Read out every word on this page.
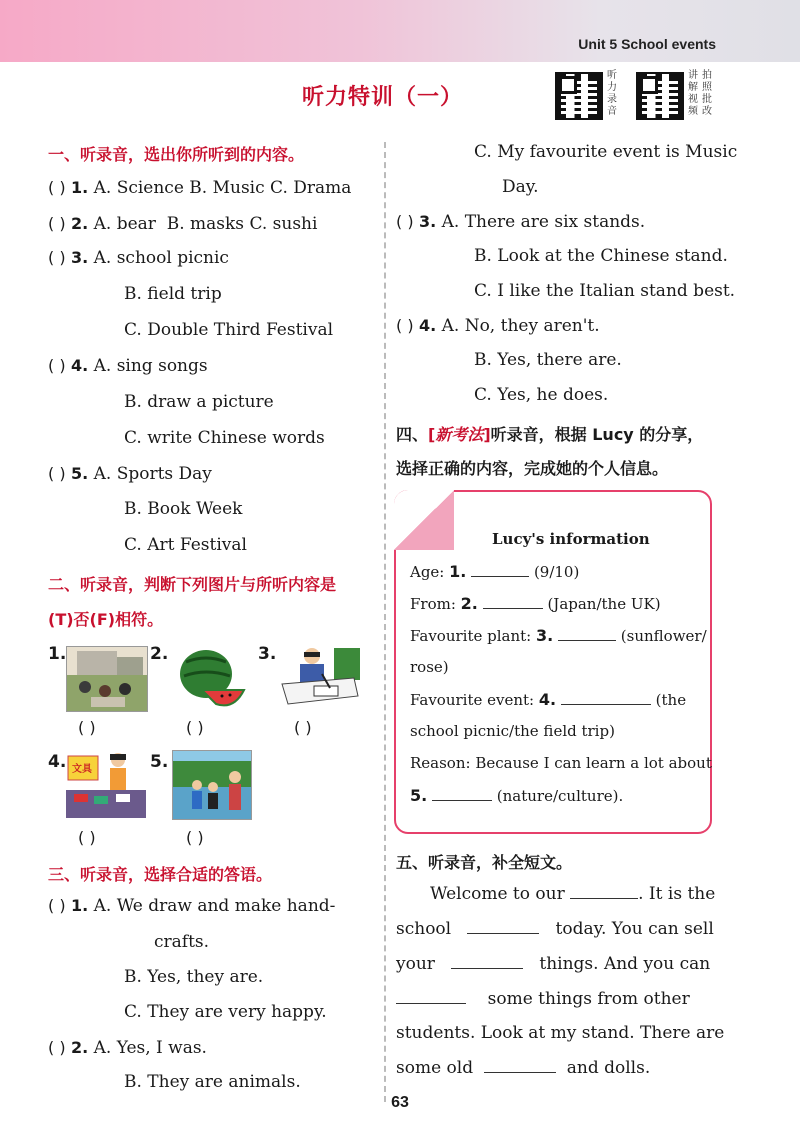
Unit 5 School events
听力特训（一）
听力录音
讲解视频
拍照批改
一、听录音，选出你所听到的内容。
( ) 1. A. Science B. Music C. Drama
( ) 2. A. bear B. masks C. sushi
( ) 3. A. school picnic
B. field trip
C. Double Third Festival
( ) 4. A. sing songs
B. draw a picture
C. write Chinese words
( ) 5. A. Sports Day
B. Book Week
C. Art Festival
二、听录音，判断下列图片与所听内容是
(T)否(F)相符。
1.
( )
2.
( )
3.
( )
4. 文具
( )
5.
( )
三、听录音，选择合适的答语。
( ) 1. A. We draw and make hand-
crafts.
B. Yes, they are.
C. They are very happy.
( ) 2. A. Yes, I was.
B. They are animals.
C. My favourite event is Music
Day.
( ) 3. A. There are six stands.
B. Look at the Chinese stand.
C. I like the Italian stand best.
( ) 4. A. No, they aren't.
B. Yes, there are.
C. Yes, he does.
四、[新考法]听录音，根据 Lucy 的分享，
选择正确的内容，完成她的个人信息。
Lucy's information
Age: 1.	(9/10)
From: 2.	(Japan/the UK)
Favourite plant: 3.	(sunflower/
rose)
Favourite event: 4.	(the
school picnic/the field trip)
Reason: Because I can learn a lot about
5.	(nature/culture).
五、听录音，补全短文。
Welcome to our	. It is the
school	today. You can sell
your	things. And you can
some things from other
students. Look at my stand. There are
some old	and dolls.
63
